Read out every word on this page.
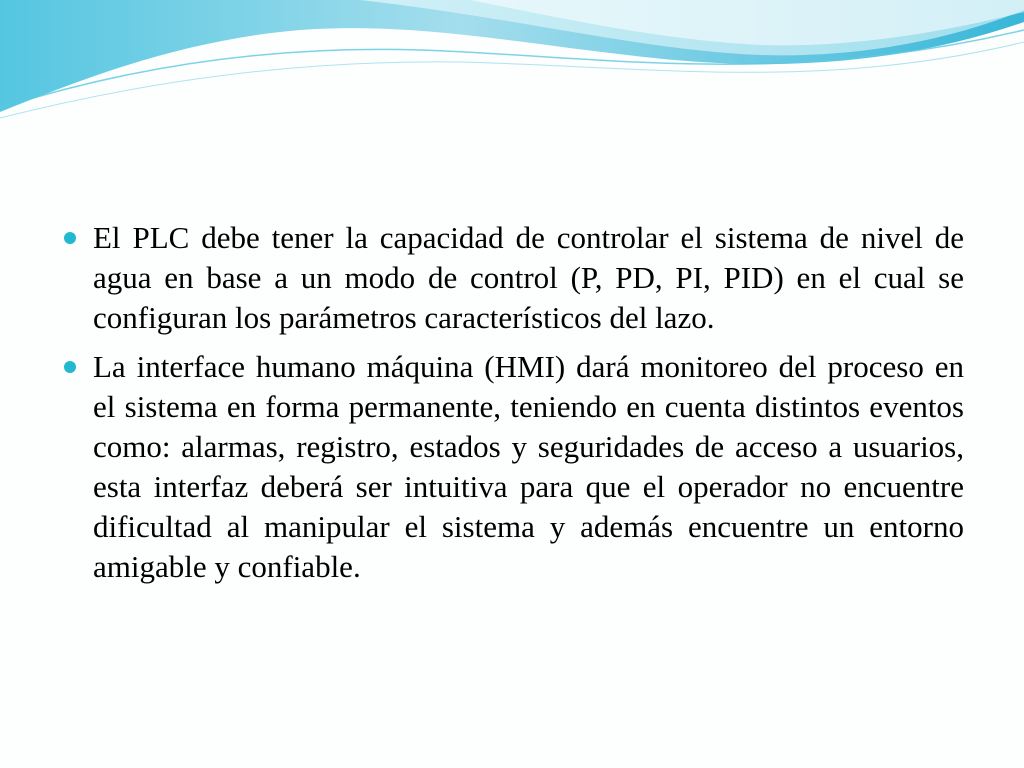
El PLC debe tener la capacidad de controlar el sistema de nivel de agua en base a un modo de control (P, PD, PI, PID) en el cual se configuran los parámetros característicos del lazo.
La interface humano máquina (HMI) dará monitoreo del proceso en el sistema en forma permanente, teniendo en cuenta distintos eventos como: alarmas, registro, estados y seguridades de acceso a usuarios, esta interfaz deberá ser intuitiva para que el operador no encuentre dificultad al manipular el sistema y además encuentre un entorno amigable y confiable.
